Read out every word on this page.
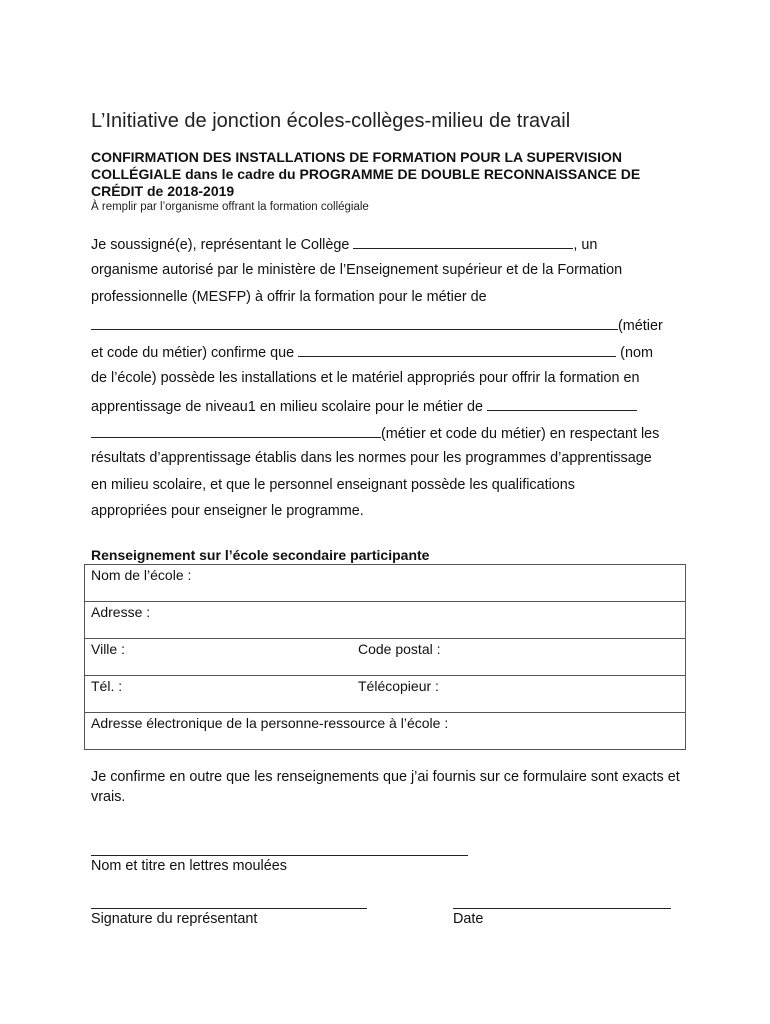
L’Initiative de jonction écoles-collèges-milieu de travail
CONFIRMATION DES INSTALLATIONS DE FORMATION POUR LA SUPERVISION COLLÉGIALE dans le cadre du PROGRAMME DE DOUBLE RECONNAISSANCE DE CRÉDIT de 2018-2019
À remplir par l’organisme offrant la formation collégiale
Je soussigné(e), représentant le Collège	, un
organisme autorisé par le ministère de l’Enseignement supérieur et de la Formation
professionnelle (MESFP) à offrir la formation pour le métier de
(métier
et code du métier) confirme que	(nom
de l’école) possède les installations et le matériel appropriés pour offrir la formation en
apprentissage de niveau1 en milieu scolaire pour le métier de
(métier et code du métier) en respectant les
résultats d’apprentissage établis dans les normes pour les programmes d’apprentissage
en milieu scolaire, et que le personnel enseignant possède les qualifications
appropriées pour enseigner le programme.
Renseignement sur l’école secondaire participante
Nom de l’école :	
Adresse :	
Ville :	Code postal :
Tél. :	Télécopieur :
Adresse électronique de la personne-ressource à l’école :	
Je confirme en outre que les renseignements que j’ai fournis sur ce formulaire sont exacts et vrais.
Nom et titre en lettres moulées
Signature du représentant	Date
